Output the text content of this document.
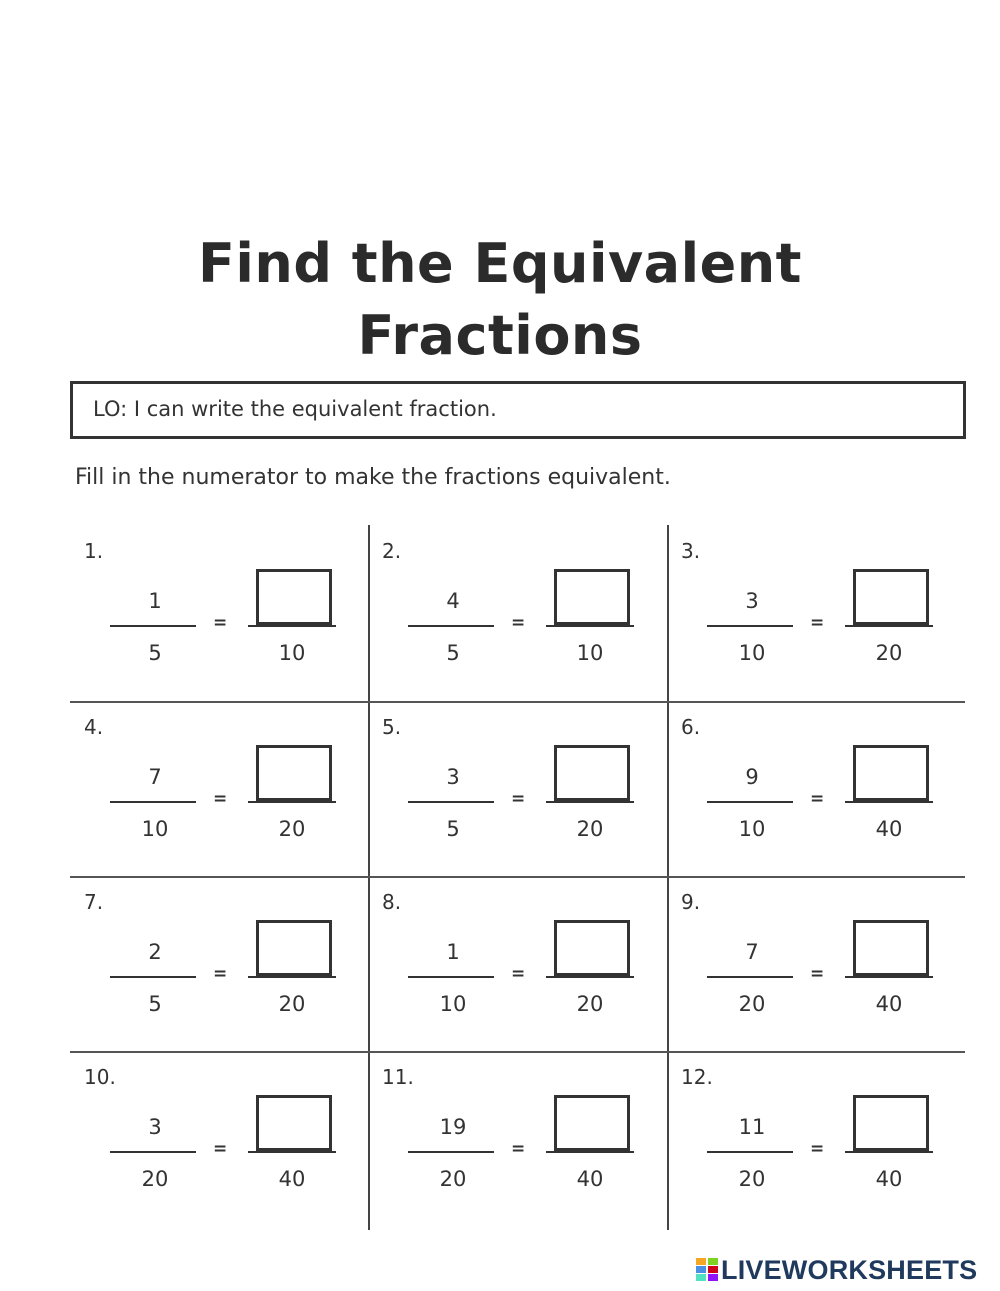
Find the Equivalent
Fractions
LO: I can write the equivalent fraction.
Fill in the numerator to make the fractions equivalent.
1.
1
5
=
10
2.
4
5
=
10
3.
3
10
=
20
4.
7
10
=
20
5.
3
5
=
20
6.
9
10
=
40
7.
2
5
=
20
8.
1
10
=
20
9.
7
20
=
40
10.
3
20
=
40
11.
19
20
=
40
12.
11
20
=
40
LIVEWORKSHEETS
